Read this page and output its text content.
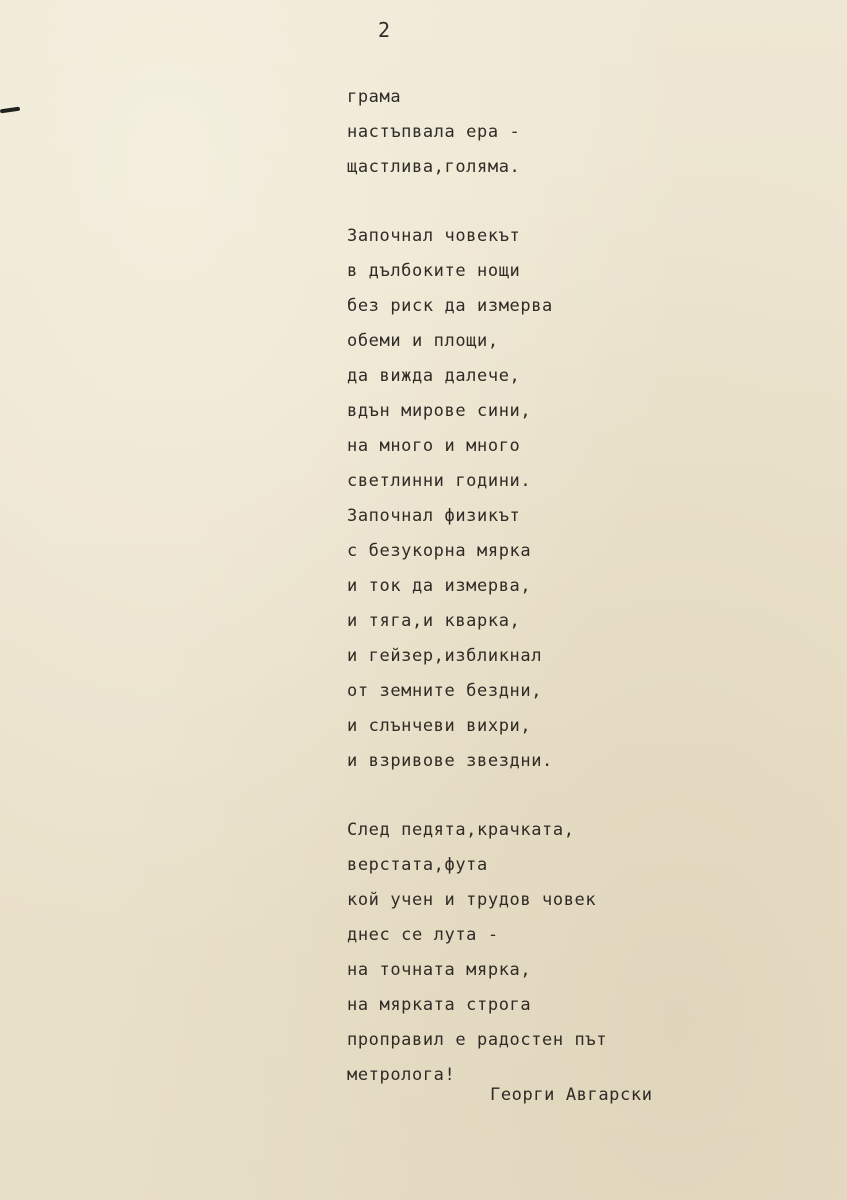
2
грама
настъпвала ера -
щастлива,голяма.
Започнал човекът
в дълбоките нощи
без риск да измерва
обеми и площи,
да вижда далече,
вдън мирове сини,
на много и много
светлинни години.
Започнал физикът
с безукорна мярка
и ток да измерва,
и тяга,и кварка,
и гейзер,избликнал
от земните бездни,
и слънчеви вихри,
и взривове звездни.
След педята,крачката,
верстата,фута
кой учен и трудов човек
днес се лута -
на точната мярка,
на мярката строга
проправил е радостен път
метролога!
Георги Авгарски
